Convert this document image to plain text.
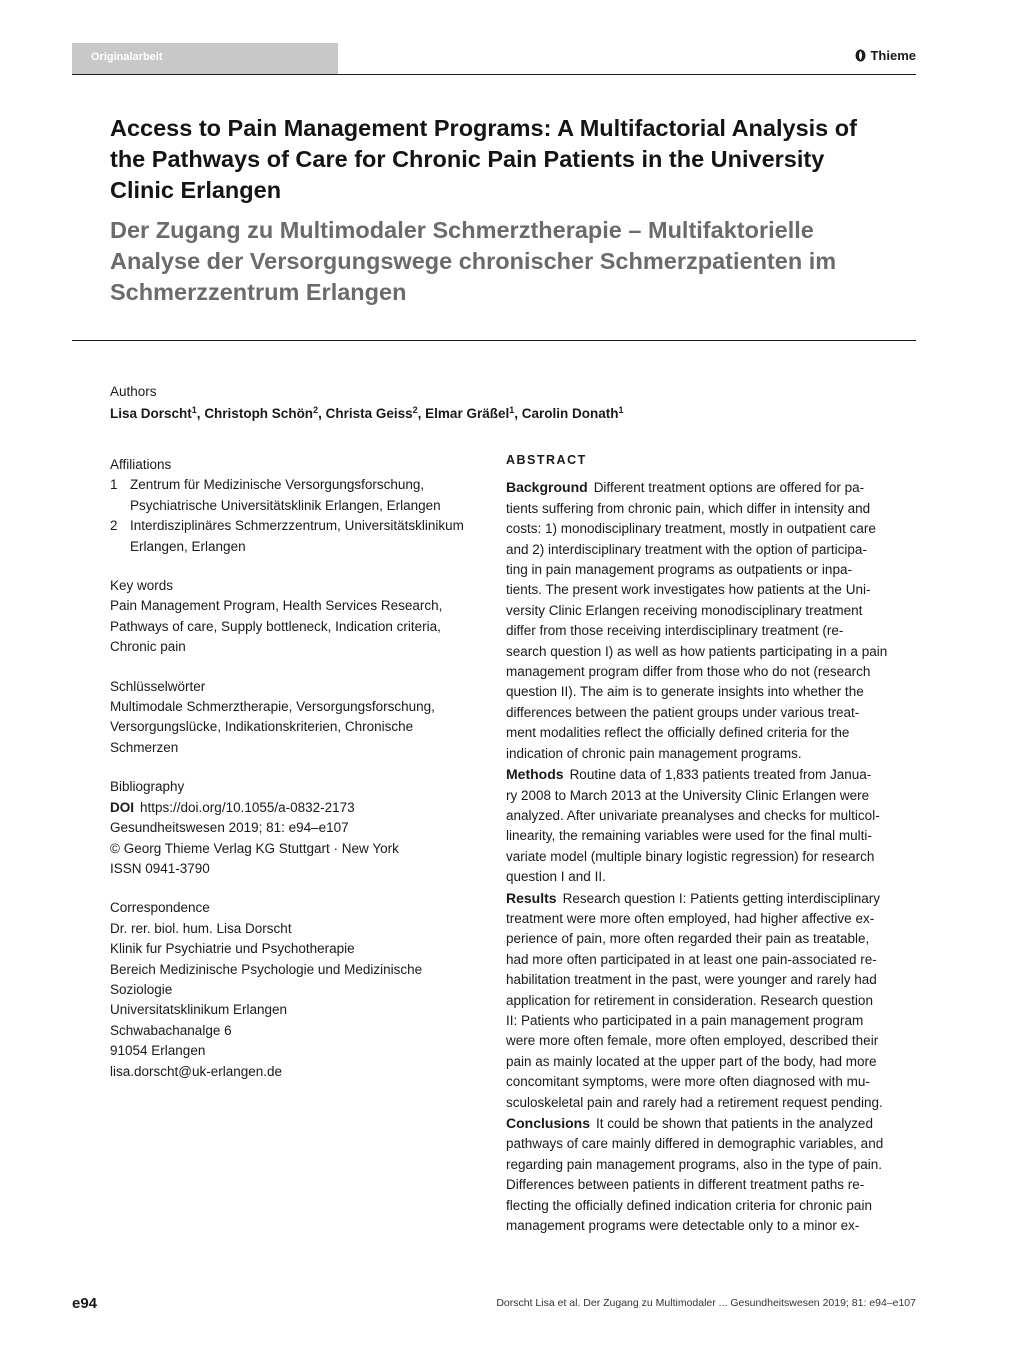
Originalarbeit	Thieme
Access to Pain Management Programs: A Multifactorial Analysis of
the Pathways of Care for Chronic Pain Patients in the University
Clinic Erlangen
Der Zugang zu Multimodaler Schmerztherapie – Multifaktorielle
Analyse der Versorgungswege chronischer Schmerzpatienten im
Schmerzzentrum Erlangen
Authors
Lisa Dorscht$^1$, Christoph Schön$^2$, Christa Geiss$^2$, Elmar Gräßel$^1$, Carolin Donath$^1$
Affiliations
1 Zentrum für Medizinische Versorgungsforschung,
Psychiatrische Universitätsklinik Erlangen, Erlangen
2 Interdisziplinäres Schmerzzentrum, Universitätsklinikum
Erlangen, Erlangen
Key words
Pain Management Program, Health Services Research,
Pathways of care, Supply bottleneck, Indication criteria,
Chronic pain
Schlüsselwörter
Multimodale Schmerztherapie, Versorgungsforschung,
Versorgungslücke, Indikationskriterien, Chronische
Schmerzen
Bibliography
DOI https://doi.org/10.1055/a-0832-2173
Gesundheitswesen 2019; 81: e94–e107
© Georg Thieme Verlag KG Stuttgart · New York
ISSN 0941-3790
Correspondence
Dr. rer. biol. hum. Lisa Dorscht
Klinik fur Psychiatrie und Psychotherapie
Bereich Medizinische Psychologie und Medizinische
Soziologie
Universitatsklinikum Erlangen
Schwabachanalge 6
91054 Erlangen
lisa.dorscht@uk-erlangen.de
ABSTRACT
Background Different treatment options are offered for pa-
tients suffering from chronic pain, which differ in intensity and
costs: 1) monodisciplinary treatment, mostly in outpatient care
and 2) interdisciplinary treatment with the option of participa-
ting in pain management programs as outpatients or inpa-
tients. The present work investigates how patients at the Uni-
versity Clinic Erlangen receiving monodisciplinary treatment
differ from those receiving interdisciplinary treatment (re-
search question I) as well as how patients participating in a pain
management program differ from those who do not (research
question II). The aim is to generate insights into whether the
differences between the patient groups under various treat-
ment modalities reflect the officially defined criteria for the
indication of chronic pain management programs.
Methods Routine data of 1,833 patients treated from Janua-
ry 2008 to March 2013 at the University Clinic Erlangen were
analyzed. After univariate preanalyses and checks for multicol-
linearity, the remaining variables were used for the final multi-
variate model (multiple binary logistic regression) for research
question I and II.
Results Research question I: Patients getting interdisciplinary
treatment were more often employed, had higher affective ex-
perience of pain, more often regarded their pain as treatable,
had more often participated in at least one pain-associated re-
habilitation treatment in the past, were younger and rarely had
application for retirement in consideration. Research question
II: Patients who participated in a pain management program
were more often female, more often employed, described their
pain as mainly located at the upper part of the body, had more
concomitant symptoms, were more often diagnosed with mu-
sculoskeletal pain and rarely had a retirement request pending.
Conclusions It could be shown that patients in the analyzed
pathways of care mainly differed in demographic variables, and
regarding pain management programs, also in the type of pain.
Differences between patients in different treatment paths re-
flecting the officially defined indication criteria for chronic pain
management programs were detectable only to a minor ex-
e94	Dorscht Lisa et al. Der Zugang zu Multimodaler ... Gesundheitswesen 2019; 81: e94–e107
